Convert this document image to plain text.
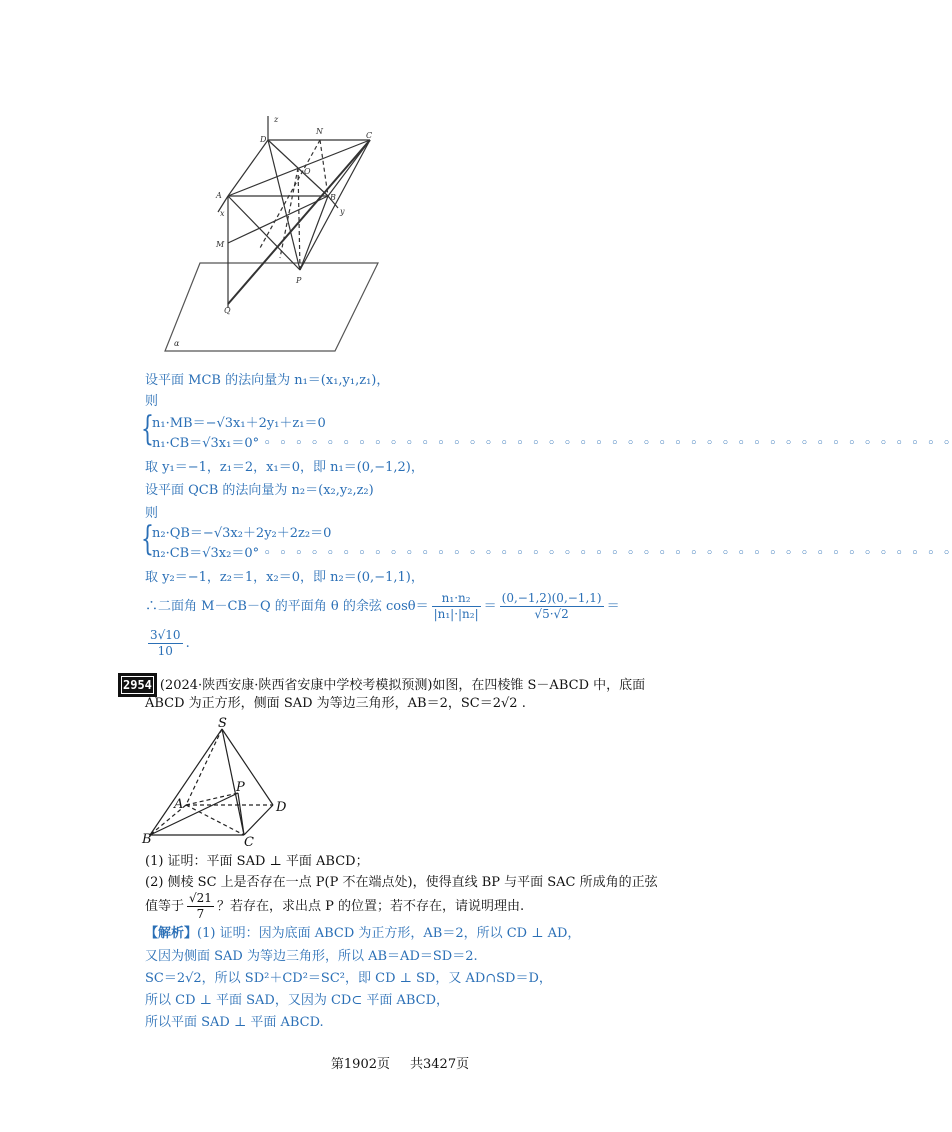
D
z
N	C
O
A
x
B
y
M
P
Q
α
设平面 MCB 的法向量为 n₁＝(x₁,y₁,z₁)，
则
{
n₁·MB＝−√3x₁＋2y₁＋z₁＝0
n₁·CB＝√3x₁＝0° ◦ ◦ ◦ ◦ ◦ ◦ ◦ ◦ ◦ ◦ ◦ ◦ ◦ ◦ ◦ ◦ ◦ ◦ ◦ ◦ ◦ ◦ ◦ ◦ ◦ ◦ ◦ ◦ ◦ ◦ ◦ ◦ ◦ ◦ ◦ ◦ ◦ ◦ ◦ ◦ ◦ ◦ ◦ ◦
取 y₁＝−1，z₁＝2，x₁＝0，即 n₁＝(0,−1,2)，
设平面 QCB 的法向量为 n₂＝(x₂,y₂,z₂)
则
{
n₂·QB＝−√3x₂＋2y₂＋2z₂＝0
n₂·CB＝√3x₂＝0° ◦ ◦ ◦ ◦ ◦ ◦ ◦ ◦ ◦ ◦ ◦ ◦ ◦ ◦ ◦ ◦ ◦ ◦ ◦ ◦ ◦ ◦ ◦ ◦ ◦ ◦ ◦ ◦ ◦ ◦ ◦ ◦ ◦ ◦ ◦ ◦ ◦ ◦ ◦ ◦ ◦ ◦ ◦ ◦
取 y₂＝−1，z₂＝1，x₂＝0，即 n₂＝(0,−1,1)，
∴二面角 M－CB－Q 的平面角 θ 的余弦 $\cos\theta= \frac{\text{n₁·n₂}}{\text{|n₁|·|n₂|}} = \frac{(0,-1,2)(0,-1,1)}{√5\cdot√2}$ ＝
$\frac{3√10}{10}$ .
2954 (2024·陕西安康·陕西省安康中学校考模拟预测)如图，在四棱锥 S－ABCD 中，底面
ABCD 为正方形，侧面 SAD 为等边三角形，AB＝2，SC＝2√2 .
S
A
P
D
B	C
(1) 证明：平面 SAD ⊥ 平面 ABCD；
(2) 侧棱 SC 上是否存在一点 P(P 不在端点处)，使得直线 BP 与平面 SAC 所成角的正弦
值等于 $\frac{√21}{7}$ ？若存在，求出点 P 的位置；若不存在，请说明理由.
【解析】(1) 证明：因为底面 ABCD 为正方形，AB＝2，所以 CD ⊥ AD，
又因为侧面 SAD 为等边三角形，所以 AB＝AD＝SD＝2.
SC＝2√2，所以 SD²＋CD²＝SC²，即 CD ⊥ SD，又 AD∩SD＝D，
所以 CD ⊥ 平面 SAD，又因为 CD⊂ 平面 ABCD，
所以平面 SAD ⊥ 平面 ABCD.
第1902页 共3427页
